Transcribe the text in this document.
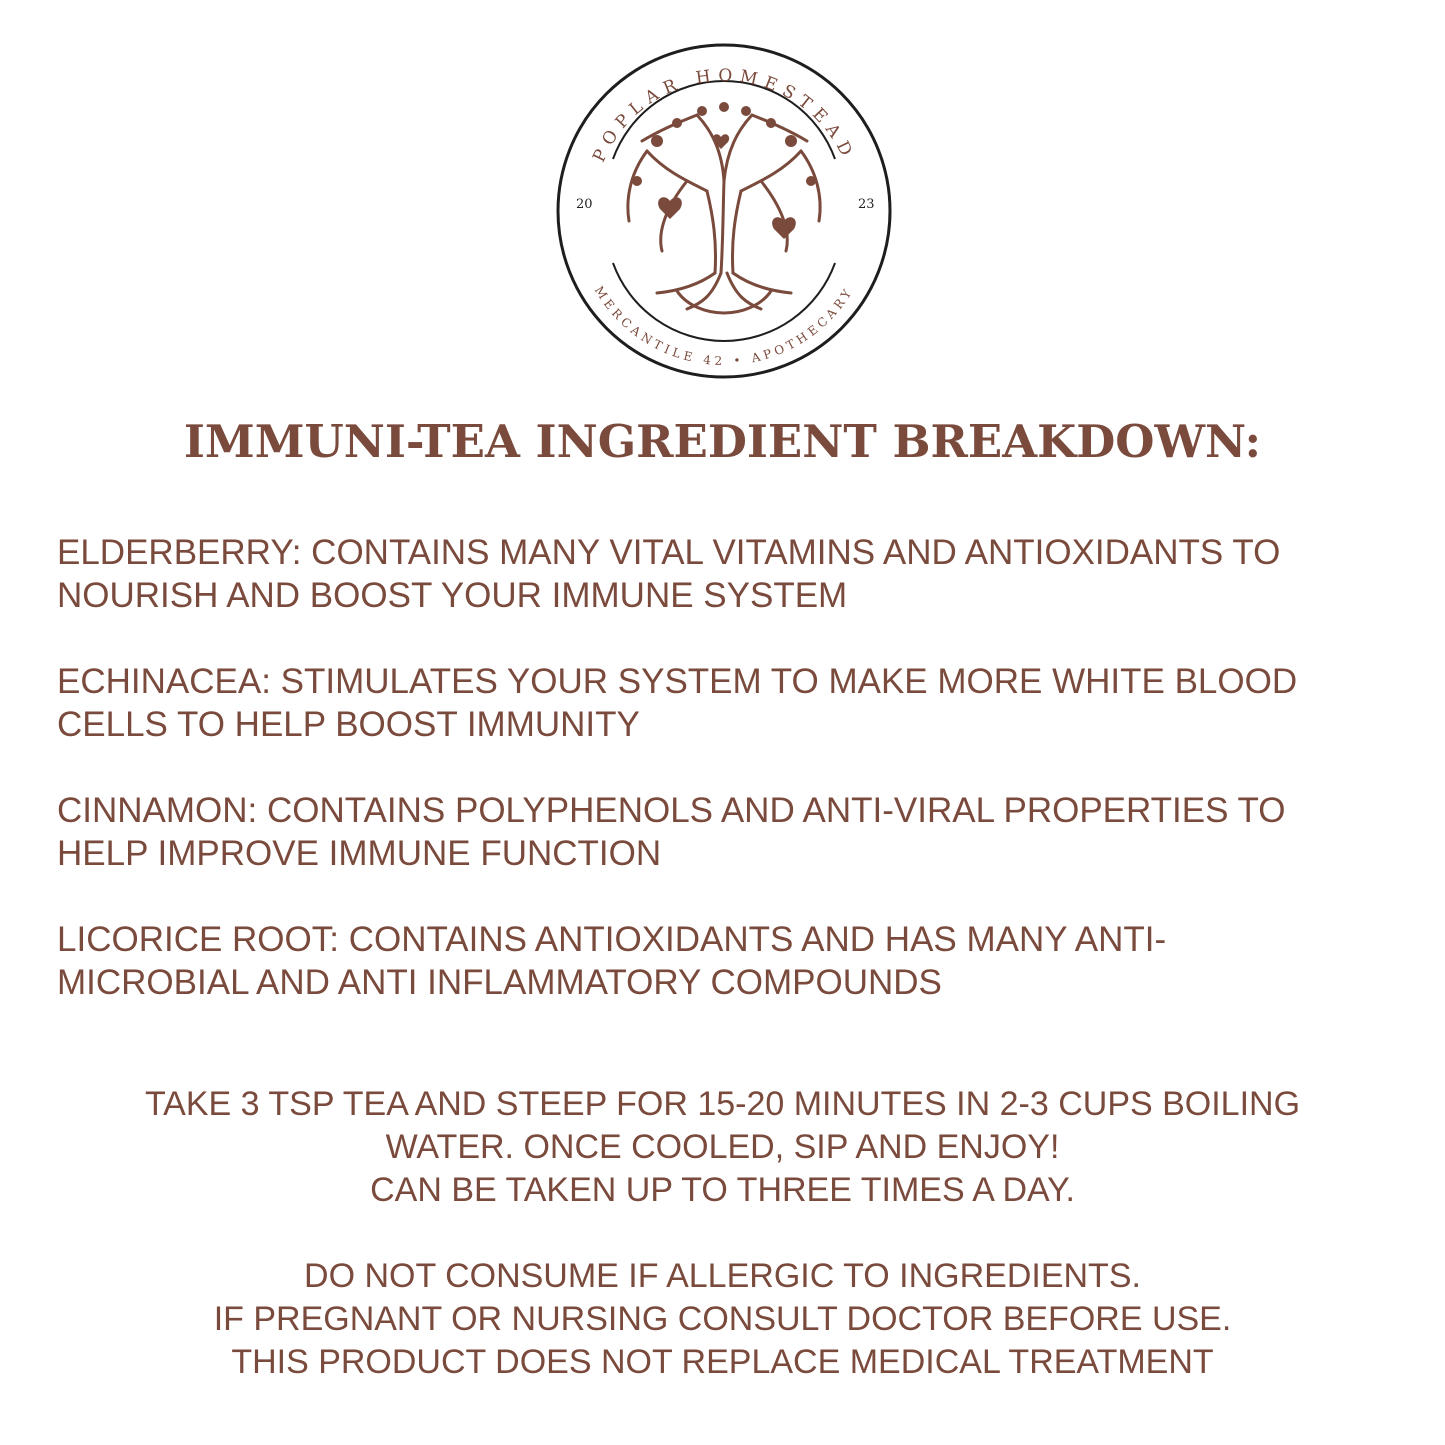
POPLAR HOMESTEAD
MERCANTILE 42 • APOTHECARY
20	23
IMMUNI-TEA INGREDIENT BREAKDOWN:
ELDERBERRY: CONTAINS MANY VITAL VITAMINS AND ANTIOXIDANTS TO
NOURISH AND BOOST YOUR IMMUNE SYSTEM
ECHINACEA: STIMULATES YOUR SYSTEM TO MAKE MORE WHITE BLOOD
CELLS TO HELP BOOST IMMUNITY
CINNAMON: CONTAINS POLYPHENOLS AND ANTI-VIRAL PROPERTIES TO
HELP IMPROVE IMMUNE FUNCTION
LICORICE ROOT: CONTAINS ANTIOXIDANTS AND HAS MANY ANTI-
MICROBIAL AND ANTI INFLAMMATORY COMPOUNDS
TAKE 3 TSP TEA AND STEEP FOR 15-20 MINUTES IN 2-3 CUPS BOILING
WATER. ONCE COOLED, SIP AND ENJOY!
CAN BE TAKEN UP TO THREE TIMES A DAY.
DO NOT CONSUME IF ALLERGIC TO INGREDIENTS.
IF PREGNANT OR NURSING CONSULT DOCTOR BEFORE USE.
THIS PRODUCT DOES NOT REPLACE MEDICAL TREATMENT
